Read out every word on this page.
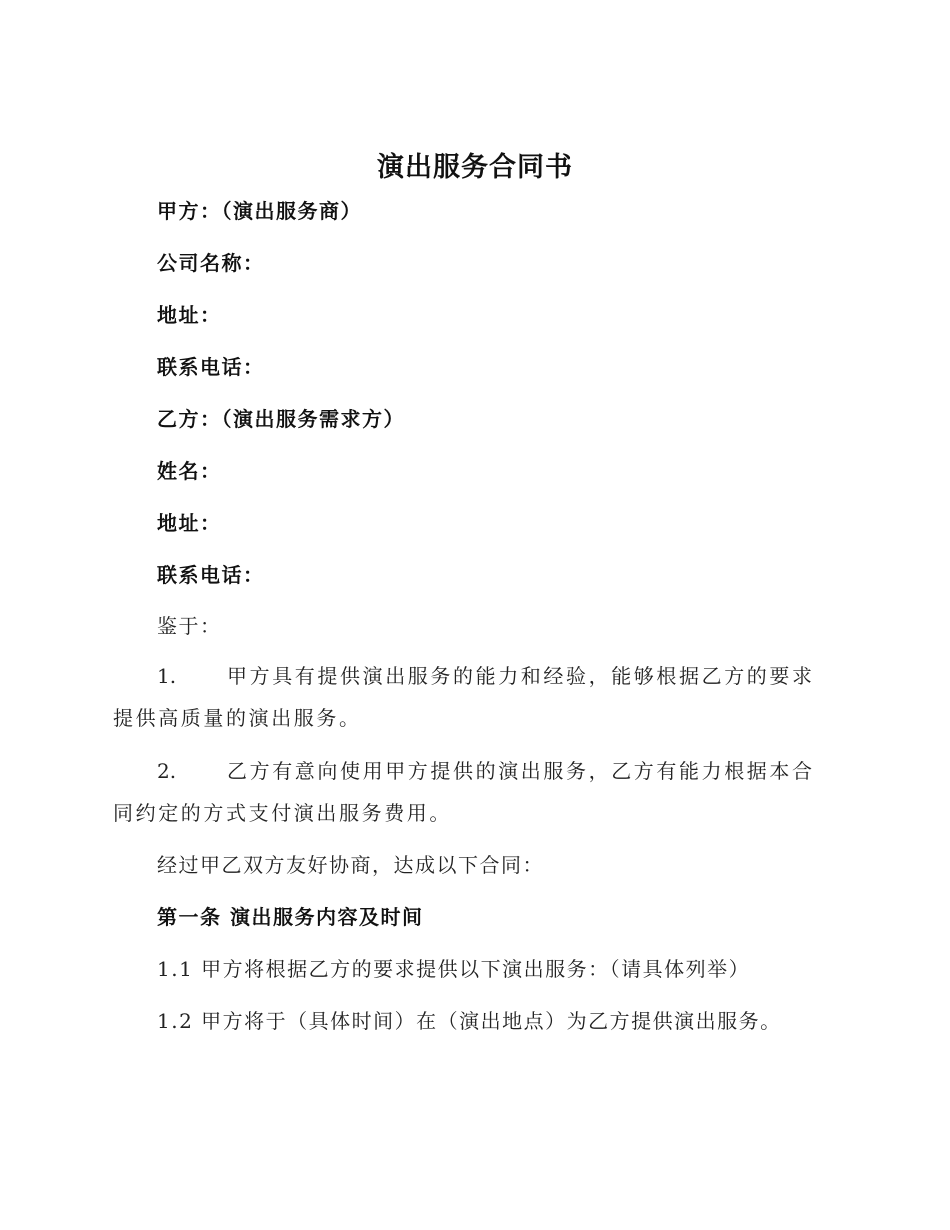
演出服务合同书
甲方：（演出服务商）
公司名称：
地址：
联系电话：
乙方：（演出服务需求方）
姓名：
地址：
联系电话：
鉴于：
1.	甲方具有提供演出服务的能力和经验，能够根据乙方的要求提供高质量的演出服务。
2.	乙方有意向使用甲方提供的演出服务，乙方有能力根据本合同约定的方式支付演出服务费用。
经过甲乙双方友好协商，达成以下合同：
第一条 演出服务内容及时间
1.1 甲方将根据乙方的要求提供以下演出服务：（请具体列举）
1.2 甲方将于（具体时间）在（演出地点）为乙方提供演出服务。
